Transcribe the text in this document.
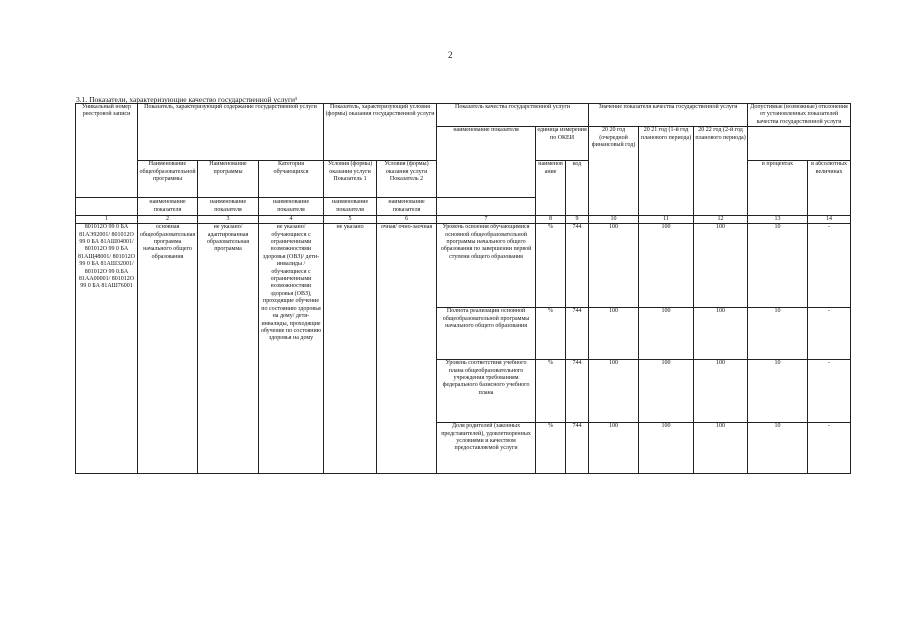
2
3.1. Показатели, характеризующие качество государственной услуги¹
Уникальный номер реестровой записи	Показатель, характеризующий содержание государственной услуги			Показатель, характеризующий условия (формы) оказания государственной услуги		Показатель качества государственной услуги			Значение показателя качества государственной услуги			Допустимые (возможные) отклонения от установленных показателей качества государственной услуги	
						наименование показателя	единица измерения по ОКЕИ		20 20 год (очередной финансовый год)	20 21 год (1-й год планового периода)	20 22 год (2-й год планового периода)		
	Наименование общеобразовательной программы	Наименование программы	Категория обучающихся	Условия (формы) оказания услуги Показатель 1	Условия (формы) оказания услуги Показатель 2		наименование	код				в процентах	в абсолютных величинах
	наименование показателя	наименование показателя	наименование показателя	наименование показателя	наименование показателя								
1	2	3	4	5	6	7	8	9	10	11	12	13	14
801012О 99 0 БА 81АЭ92001/ 801012О 99 0 БА 81АШ04001/ 801012О 99 0 БА 81АЩ48001/ 801012О 99 0 БА 81АШ32001/ 801012О 99 0.БА 81АА00001/ 801012О 99 0 БА 81АШ76001	основная общеобразовательная программа начального общего образования	не указано/ адаптированная образовательная программа	не указано/ обучающиеся с ограниченными возможностями здоровья (ОВЗ)/ дети-инвалиды / обучающиеся с ограниченными возможностями здоровья (ОВЗ), проходящие обучение по состоянию здоровья на дому/ дети-инвалиды, проходящие обучение по состоянию здоровья на дому	не указано	очная/ очно-заочная	Уровень освоения обучающимися основной общеобразовательной программы начального общего образования по завершении первой ступени общего образования	%	744	100	100	100	10	-
						Полнота реализации основной общеобразовательной программы начального общего образования	%	744	100	100	100	10	-
						Уровень соответствия учебного плана общеобразовательного учреждения требованиям федерального базисного учебного плана	%	744	100	100	100	10	-
						Доля родителей (законных представителей), удовлетворенных условиями и качеством предоставляемой услуги	%	744	100	100	100	10	-
